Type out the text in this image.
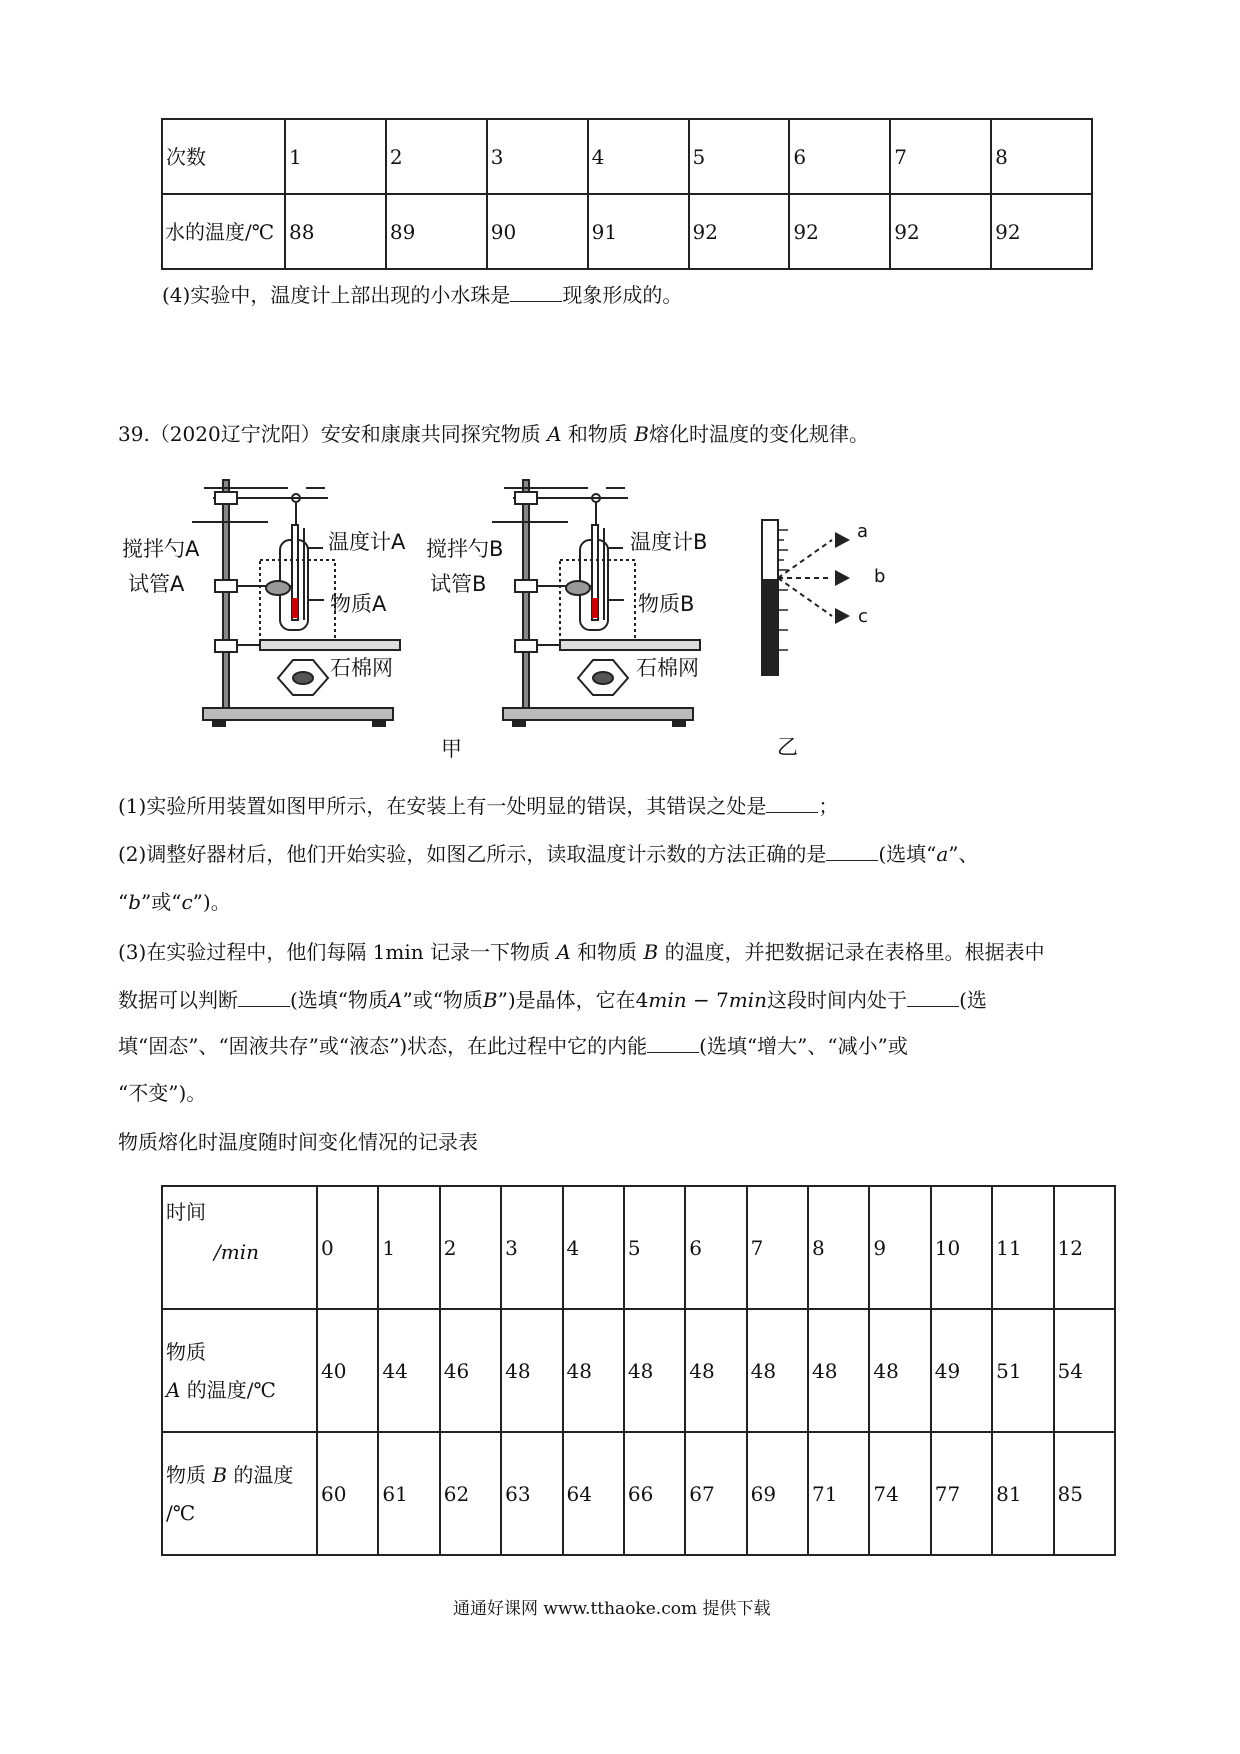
次数	1	2	3	4	5	6	7	8
水的温度/℃	88	89	90	91	92	92	92	92
(4)实验中，温度计上部出现的小水珠是	现象形成的。
39.（2020辽宁沈阳）安安和康康共同探究物质 A 和物质 B熔化时温度的变化规律。
搅拌勺A	温度计A
试管A
物质A
石棉网
搅拌勺B	温度计B
试管B
物质B
石棉网
甲
a
b
c
乙
(1)实验所用装置如图甲所示，在安装上有一处明显的错误，其错误之处是	；
(2)调整好器材后，他们开始实验，如图乙所示，读取温度计示数的方法正确的是	(选填“𝑎”、
“𝑏”或“𝑐”)。
(3)在实验过程中，他们每隔 1min 记录一下物质 𝐴 和物质 𝐵 的温度，并把数据记录在表格里。根据表中
数据可以判断	(选填“物质𝐴”或“物质𝐵”)是晶体，它在4𝑚𝑖𝑛 − 7𝑚𝑖𝑛这段时间内处于	(选
填“固态”、“固液共存”或“液态”)状态，在此过程中它的内能	(选填“增大”、“减小”或
“不变”)。
物质熔化时温度随时间变化情况的记录表
时间
/𝑚𝑖𝑛	0	1	2	3	4	5	6	7	8	9	10	11	12

物质
𝐴 的温度/℃	40	44	46	48	48	48	48	48	48	48	49	51	54

物质 𝐵 的温度
/℃	60	61	62	63	64	66	67	69	71	74	77	81	85
通通好课网 www.tthaoke.com 提供下载
